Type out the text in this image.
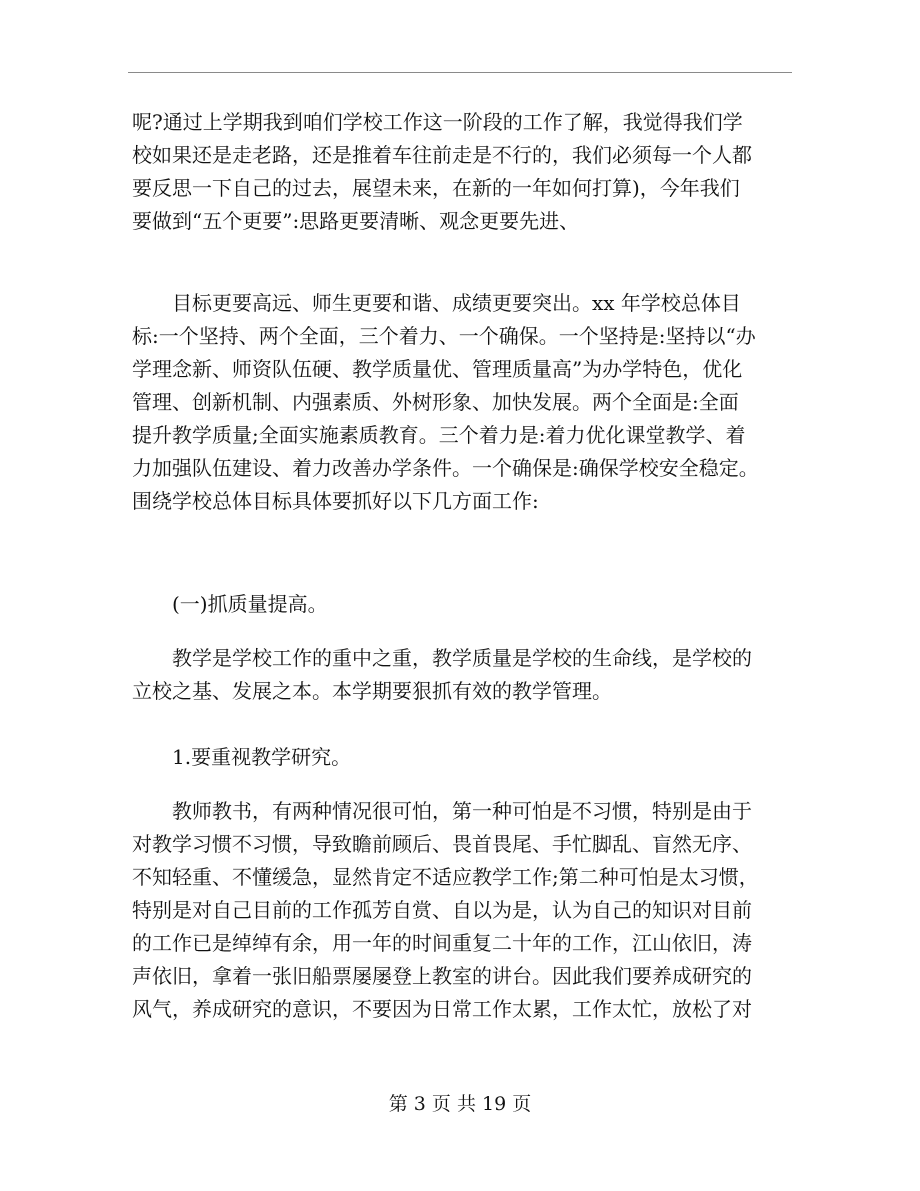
呢?通过上学期我到咱们学校工作这一阶段的工作了解，我觉得我们学
校如果还是走老路，还是推着车往前走是不行的，我们必须每一个人都
要反思一下自己的过去，展望未来，在新的一年如何打算)，今年我们
要做到“五个更要”:思路更要清晰、观念更要先进、

　　目标更要高远、师生更要和谐、成绩更要突出。xx 年学校总体目
标:一个坚持、两个全面，三个着力、一个确保。一个坚持是:坚持以“办
学理念新、师资队伍硬、教学质量优、管理质量高”为办学特色，优化
管理、创新机制、内强素质、外树形象、加快发展。两个全面是:全面
提升教学质量;全面实施素质教育。三个着力是:着力优化课堂教学、着
力加强队伍建设、着力改善办学条件。一个确保是:确保学校安全稳定。
围绕学校总体目标具体要抓好以下几方面工作:

　　(一)抓质量提高。

　　教学是学校工作的重中之重，教学质量是学校的生命线，是学校的
立校之基、发展之本。本学期要狠抓有效的教学管理。

　　1.要重视教学研究。

　　教师教书，有两种情况很可怕，第一种可怕是不习惯，特别是由于
对教学习惯不习惯，导致瞻前顾后、畏首畏尾、手忙脚乱、盲然无序、
不知轻重、不懂缓急，显然肯定不适应教学工作;第二种可怕是太习惯，
特别是对自己目前的工作孤芳自赏、自以为是，认为自己的知识对目前
的工作已是绰绰有余，用一年的时间重复二十年的工作，江山依旧，涛
声依旧，拿着一张旧船票屡屡登上教室的讲台。因此我们要养成研究的
风气，养成研究的意识，不要因为日常工作太累，工作太忙，放松了对

第 3 页 共 19 页
